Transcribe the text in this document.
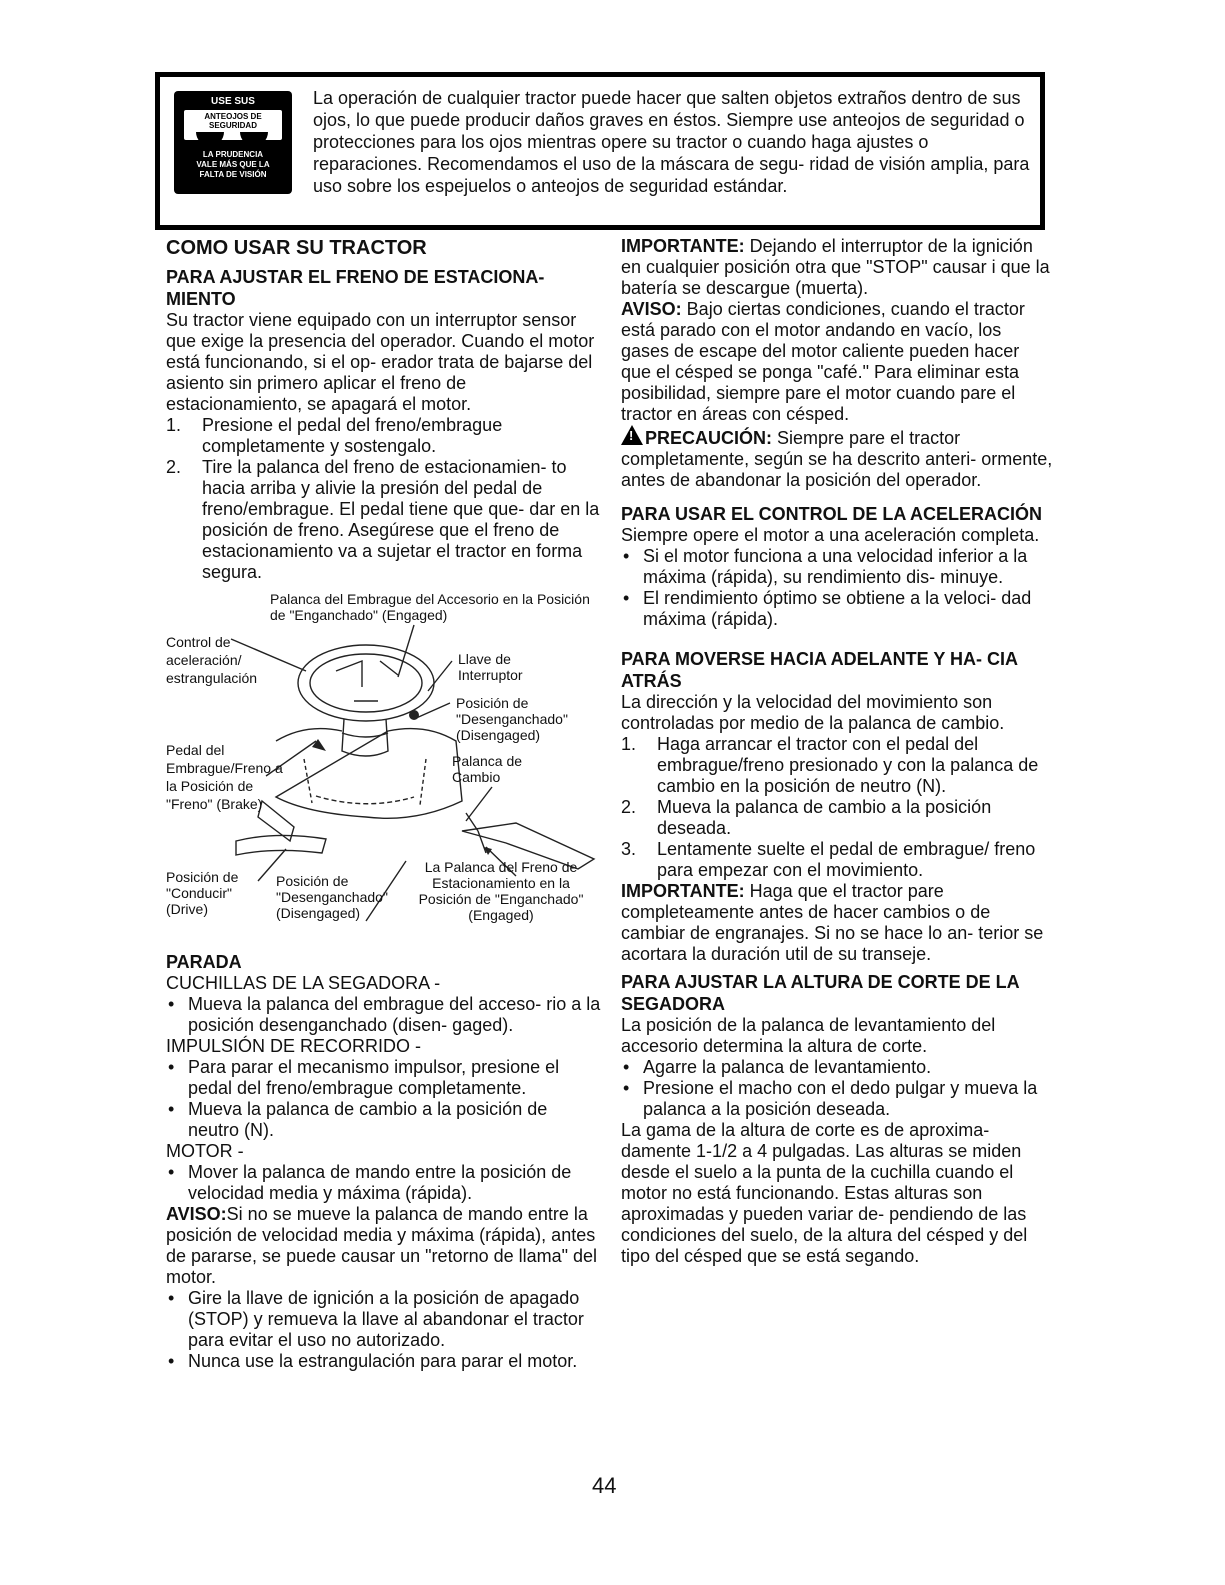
USE SUS
ANTEOJOS DE
SEGURIDAD
LA PRUDENCIA
VALE MÁS QUE LA
FALTA DE VISIÓN

La operación de cualquier tractor puede hacer que salten objetos extraños dentro de sus ojos, lo que puede producir daños graves en éstos. Siempre use anteojos de seguridad o protecciones para los ojos mientras opere su tractor o cuando haga ajustes o reparaciones. Recomendamos el uso de la máscara de segu- ridad de visión amplia, para uso sobre los espejuelos o anteojos de seguridad estándar.

COMO USAR SU TRACTOR
PARA AJUSTAR EL FRENO DE ESTACIONA- MIENTO

Su tractor viene equipado con un interruptor sensor que exige la presencia del operador. Cuando el motor está funcionando, si el op- erador trata de bajarse del asiento sin primero aplicar el freno de estacionamiento, se apagará el motor.

1. Presione el pedal del freno/embrague completamente y sostengalo.
2. Tire la palanca del freno de estacionamien- to hacia arriba y alivie la presión del pedal de freno/embrague. El pedal tiene que que- dar en la posición de freno. Asegúrese que el freno de estacionamiento va a sujetar el tractor en forma segura.
Palanca del Embrague del Accesorio en la Posición de "Enganchado" (Engaged)
Control de aceleración/ estrangulación
Llave de Interruptor
Posición de "Desenganchado" (Disengaged)
Pedal del Embrague/Freno a la Posición de "Freno" (Brake)
Palanca de Cambio
Posición de "Conducir" (Drive)
Posición de "Desenganchado" (Disengaged)
La Palanca del Freno de Estacionamiento en la Posición de "Enganchado" (Engaged)
PARADA

CUCHILLAS DE LA SEGADORA -

• Mueva la palanca del embrague del acceso- rio a la posición desenganchado (disen- gaged).

IMPULSIÓN DE RECORRIDO -

• Para parar el mecanismo impulsor, presione el pedal del freno/embrague completamente.
• Mueva la palanca de cambio a la posición de neutro (N).

MOTOR -

• Mover la palanca de mando entre la posición de velocidad media y máxima (rápida).

AVISO:Si no se mueve la palanca de mando entre la posición de velocidad media y máxima (rápida), antes de pararse, se puede causar un "retorno de llama" del motor.

• Gire la llave de ignición a la posición de apagado (STOP) y remueva la llave al abandonar el tractor para evitar el uso no autorizado.
• Nunca use la estrangulación para parar el motor.

IMPORTANTE: Dejando el interruptor de la ignición en cualquier posición otra que "STOP" causar i que la batería se descargue (muerta).

AVISO: Bajo ciertas condiciones, cuando el tractor está parado con el motor andando en vacío, los gases de escape del motor caliente pueden hacer que el césped se ponga "café." Para eliminar esta posibilidad, siempre pare el motor cuando pare el tractor en áreas con césped.

!PRECAUCIÓN: Siempre pare el tractor completamente, según se ha descrito anteri- ormente, antes de abandonar la posición del operador.

PARA USAR EL CONTROL DE LA ACELERACIÓN

Siempre opere el motor a una aceleración completa.

• Si el motor funciona a una velocidad inferior a la máxima (rápida), su rendimiento dis- minuye.
• El rendimiento óptimo se obtiene a la veloci- dad máxima (rápida).
PARA MOVERSE HACIA ADELANTE Y HA- CIA ATRÁS

La dirección y la velocidad del movimiento son controladas por medio de la palanca de cambio.

1. Haga arrancar el tractor con el pedal del embrague/freno presionado y con la palanca de cambio en la posición de neutro (N).
2. Mueva la palanca de cambio a la posición deseada.
3. Lentamente suelte el pedal de embrague/ freno para empezar con el movimiento.

IMPORTANTE: Haga que el tractor pare completeamente antes de hacer cambios o de cambiar de engranajes. Si no se hace lo an- terior se acortara la duración util de su transeje.

PARA AJUSTAR LA ALTURA DE CORTE DE LA SEGADORA

La posición de la palanca de levantamiento del accesorio determina la altura de corte.

• Agarre la palanca de levantamiento.
• Presione el macho con el dedo pulgar y mueva la palanca a la posición deseada.

La gama de la altura de corte es de aproxima- damente 1-1/2 a 4 pulgadas. Las alturas se miden desde el suelo a la punta de la cuchilla cuando el motor no está funcionando. Estas alturas son aproximadas y pueden variar de- pendiendo de las condiciones del suelo, de la altura del césped y del tipo del césped que se está segando.

44
